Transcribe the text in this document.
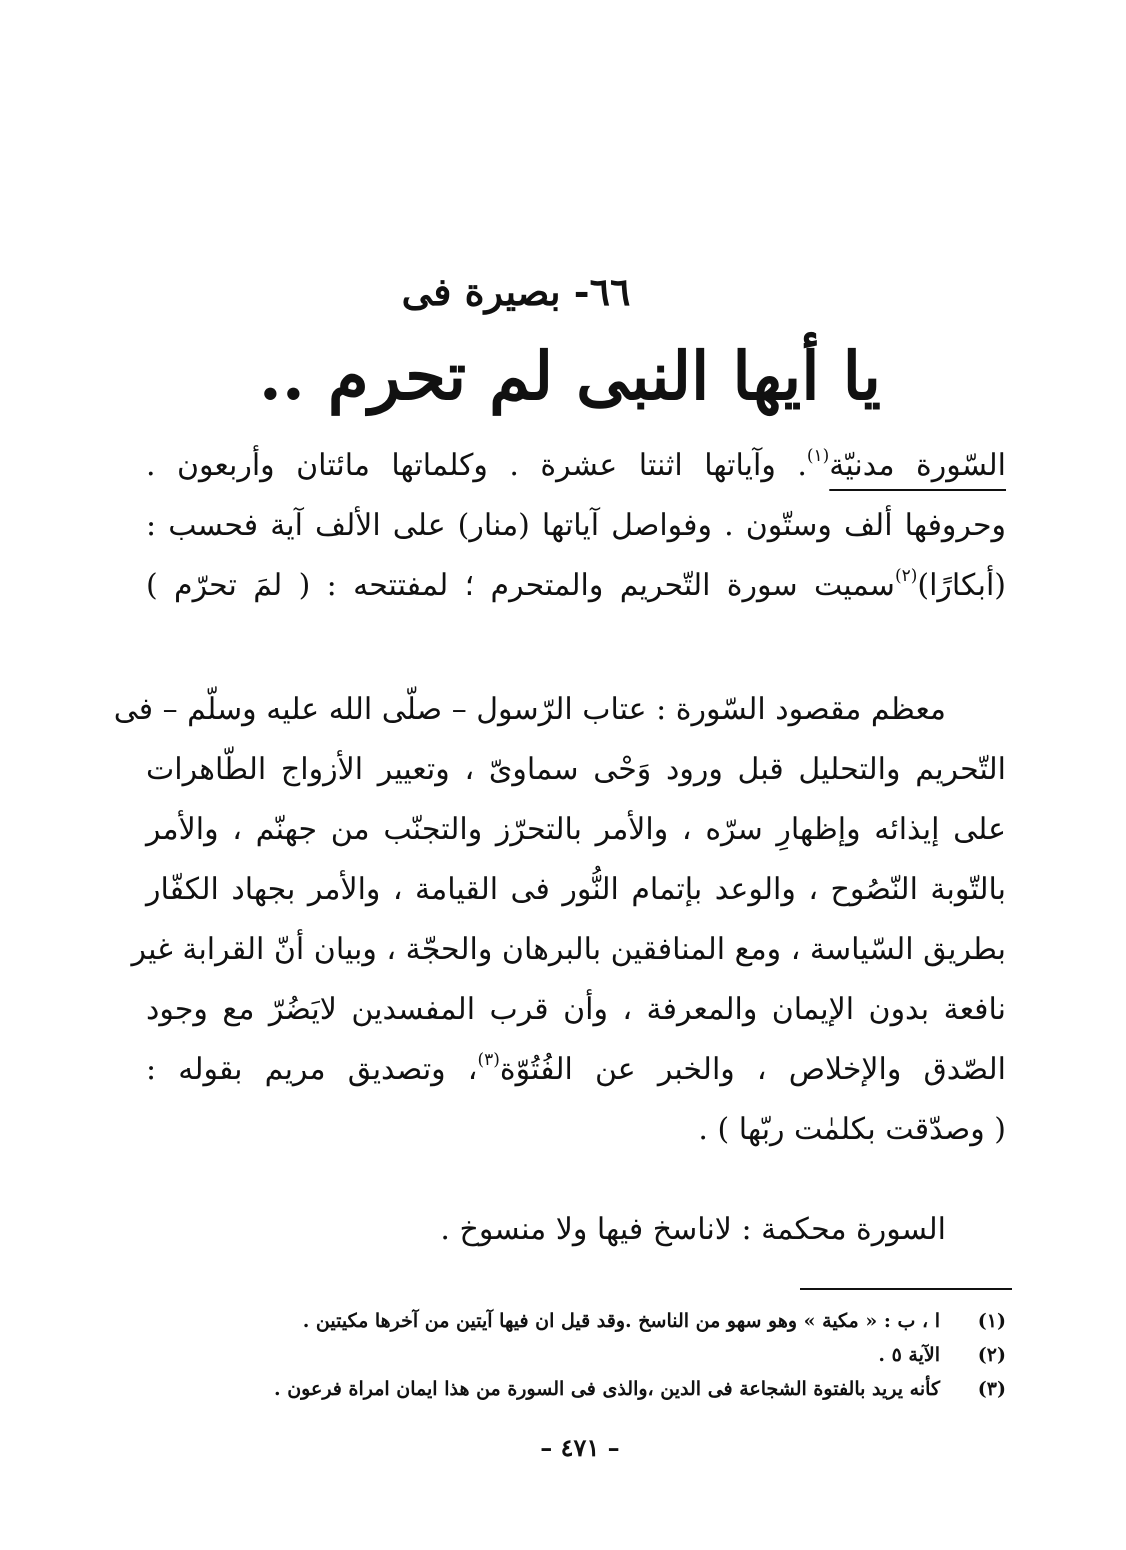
٦٦- بصيرة فى
يا أيها النبى لم تحرم ..
السّورة مدنيّة$^{(١)}$. وآياتها اثنتا عشرة . وكلماتها مائتان وأربعون .
وحروفها ألف وستّون . وفواصل آياتها (منار) على الألف آية فحسب :
(أبكارًا)$^{(٢)}$سميت سورة التّحريم والمتحرم ؛ لمفتتحه : ( لمَ تحرّم )
معظم مقصود السّورة : عتاب الرّسول – صلّى الله عليه وسلّم – فى
التّحريم والتحليل قبل ورود وَحْى سماوىّ ، وتعيير الأزواج الطّاهرات
على إيذائه وإظهارِ سرّه ، والأمر بالتحرّز والتجنّب من جهنّم ، والأمر
بالتّوبة النّصُوح ، والوعد بإتمام النُّور فى القيامة ، والأمر بجهاد الكفّار
بطريق السّياسة ، ومع المنافقين بالبرهان والحجّة ، وبيان أنّ القرابة غير
نافعة بدون الإيمان والمعرفة ، وأن قرب المفسدين لايَضُرّ مع وجود
الصّدق والإخلاص ، والخبر عن الفُتُوّة$^{(٣)}$، وتصديق مريم بقوله :
( وصدّقت بكلمٰت ربّها ) .
السورة محكمة : لاناسخ فيها ولا منسوخ .
(١)ا ، ب : « مكية » وهو سهو من الناسخ .وقد قيل ان فيها آيتين من آخرها مكيتين .
(٢)الآية ٥ .
(٣)كأنه يريد بالفتوة الشجاعة فى الدين ،والذى فى السورة من هذا ايمان امراة فرعون .
– ٤٧١ –
